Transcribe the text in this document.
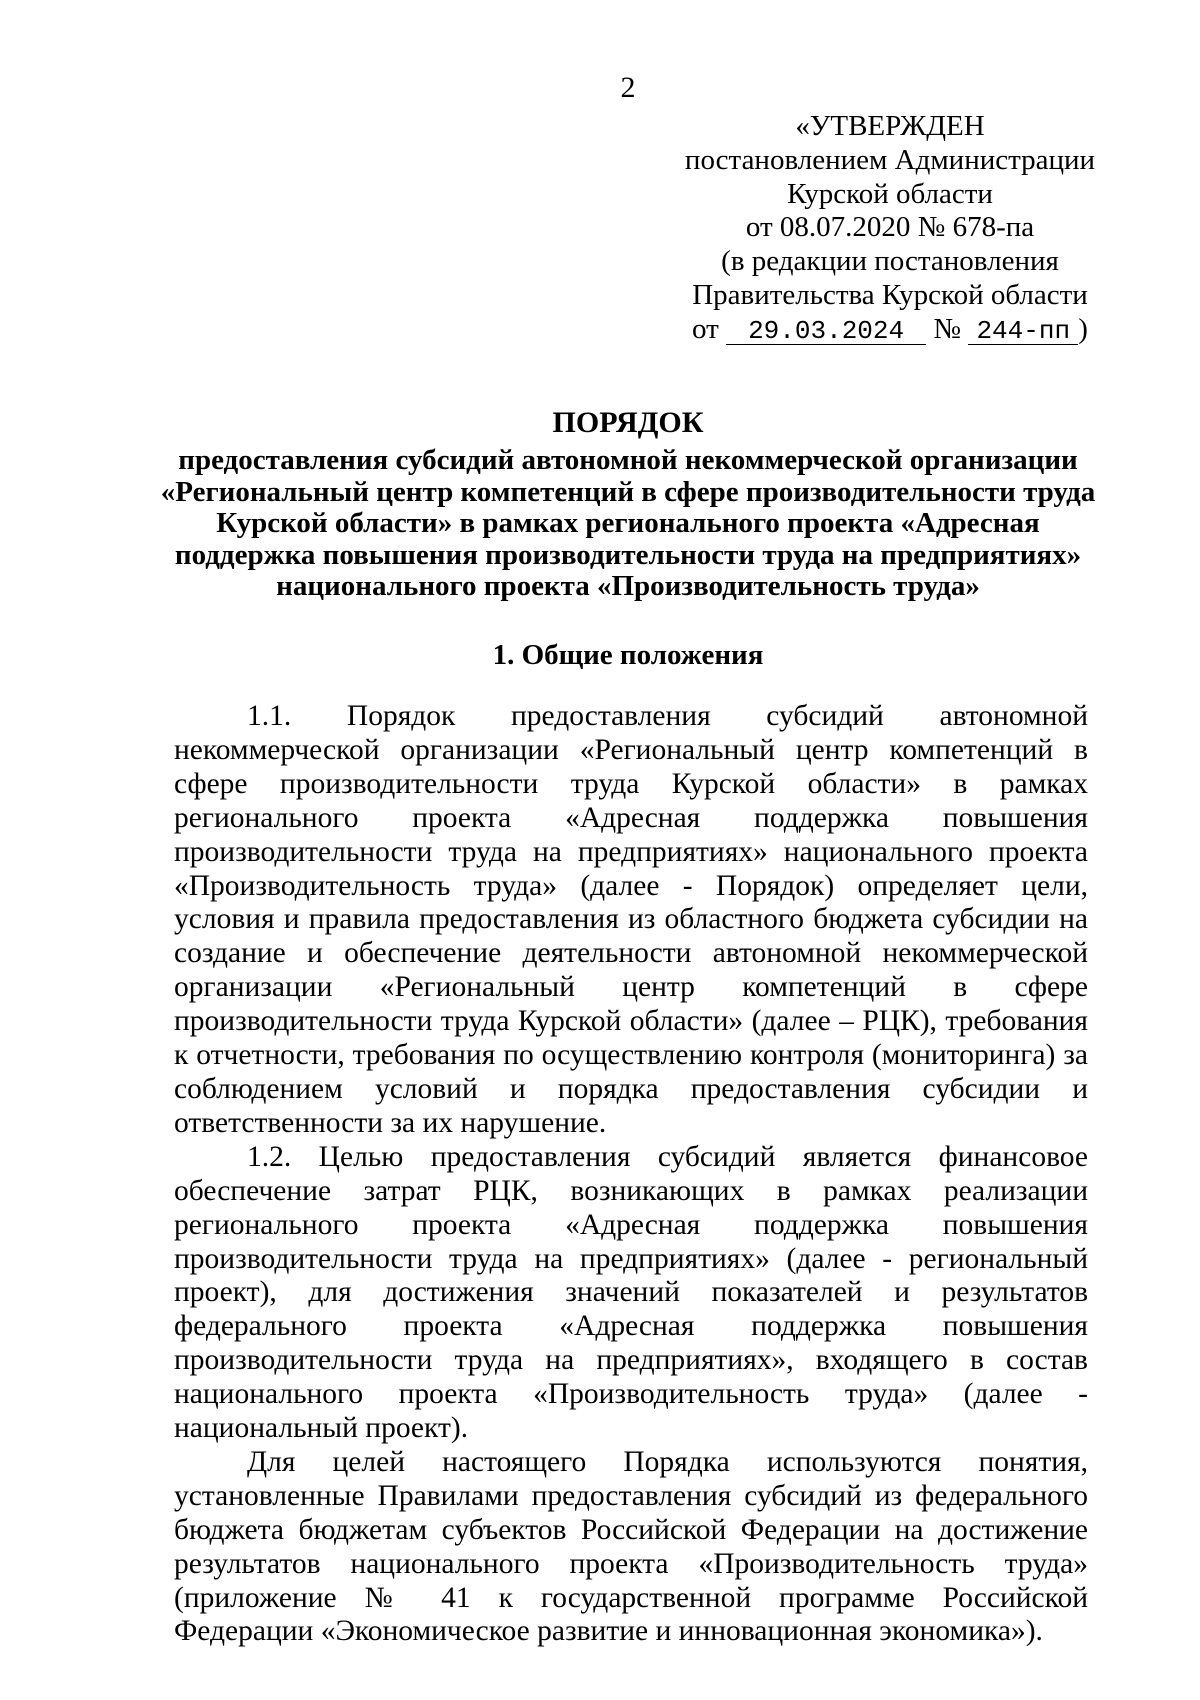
2
«УТВЕРЖДЕН
постановлением Администрации
Курской области
от 08.07.2020 № 678-па
(в редакции постановления
Правительства Курской области
от 29.03.2024 № 244-пп )
ПОРЯДОК
предоставления субсидий автономной некоммерческой организации
«Региональный центр компетенций в сфере производительности труда
Курской области» в рамках регионального проекта «Адресная
поддержка повышения производительности труда на предприятиях»
национального проекта «Производительность труда»
1. Общие положения

1.1. Порядок предоставления субсидий автономной некоммерческой организации «Региональный центр компетенций в сфере производительности труда Курской области» в рамках регионального проекта «Адресная поддержка повышения производительности труда на предприятиях» национального проекта «Производительность труда» (далее - Порядок) определяет цели, условия и правила предоставления из областного бюджета субсидии на создание и обеспечение деятельности автономной некоммерческой организации «Региональный центр компетенций в сфере производительности труда Курской области» (далее – РЦК), требования к отчетности, требования по осуществлению контроля (мониторинга) за соблюдением условий и порядка предоставления субсидии и ответственности за их нарушение.

1.2. Целью предоставления субсидий является финансовое обеспечение затрат РЦК, возникающих в рамках реализации регионального проекта «Адресная поддержка повышения производительности труда на предприятиях» (далее - региональный проект), для достижения значений показателей и результатов федерального проекта «Адресная поддержка повышения производительности труда на предприятиях», входящего в состав национального проекта «Производительность труда» (далее - национальный проект).

Для целей настоящего Порядка используются понятия, установленные Правилами предоставления субсидий из федерального бюджета бюджетам субъектов Российской Федерации на достижение результатов национального проекта «Производительность труда» (приложение № 41 к государственной программе Российской Федерации «Экономическое развитие и инновационная экономика»).
